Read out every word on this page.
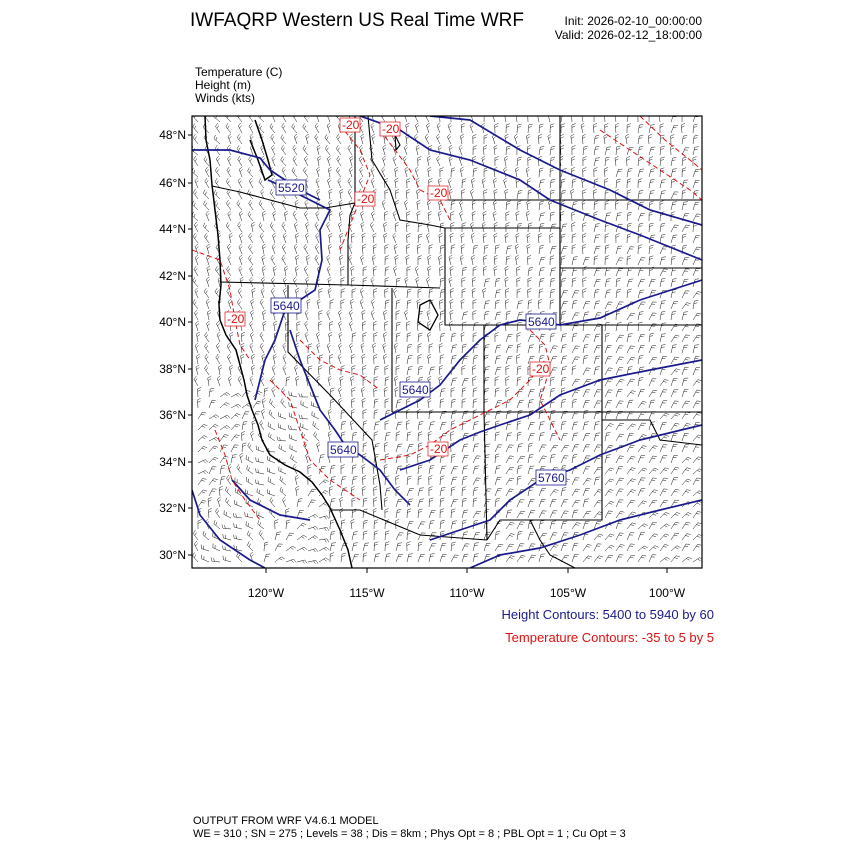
IWFAQRP Western US Real Time WRF	Init: 2026-02-10_00:00:00
Valid: 2026-02-12_18:00:00
Temperature (C)
Height (m)
Winds (kts)
48°N
46°N
44°N
42°N
40°N
38°N
36°N
34°N
32°N
30°N
120°W	115°W	110°W	105°W	100°W
5520
5640
5640
5640
5640
5760
-20
-20
-20	-20
-20
-20
-20
Height Contours: 5400 to 5940 by 60
Temperature Contours: -35 to 5 by 5
OUTPUT FROM WRF V4.6.1 MODEL
WE = 310 ; SN = 275 ; Levels = 38 ; Dis = 8km ; Phys Opt = 8 ; PBL Opt = 1 ; Cu Opt = 3
